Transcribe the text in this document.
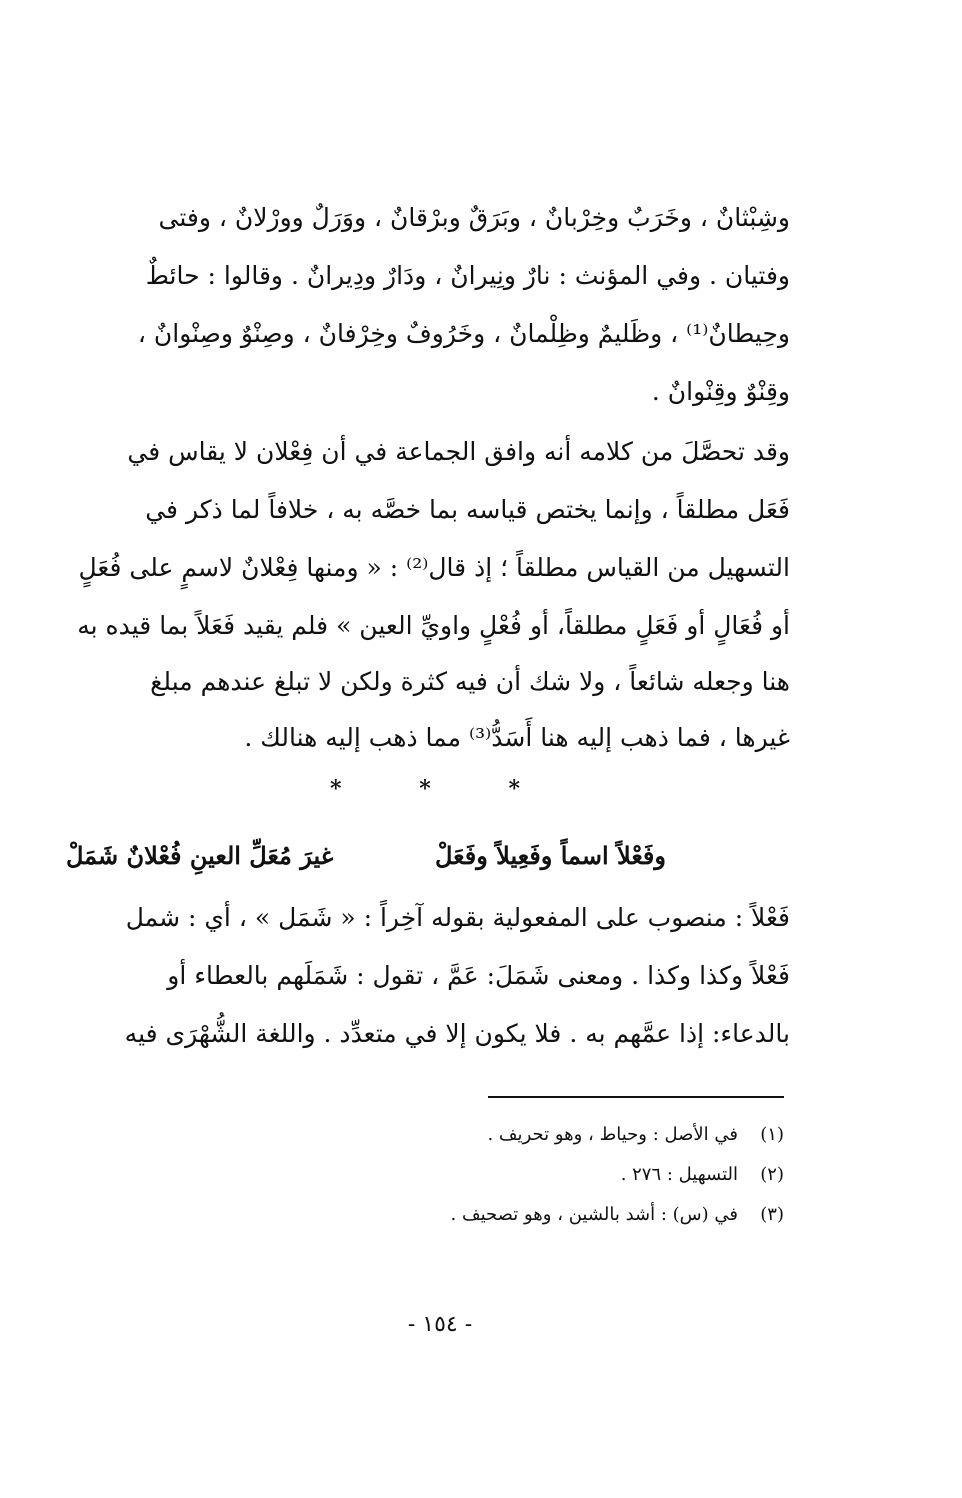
وشِبْثانٌ ، وخَرَبٌ وخِرْبانٌ ، وبَرَقٌ وبرْقانٌ ، ووَرَلٌ وورْلانٌ ، وفتى
وفتيان . وفي المؤنث : نارٌ ونِيرانٌ ، ودَارٌ ودِيرانٌ . وقالوا : حائطٌ
وحِيطانٌ⁽¹⁾ ، وظَليمٌ وظِلْمانٌ ، وخَرُوفٌ وخِرْفانٌ ، وصِنْوٌ وصِنْوانٌ ،
وقِنْوٌ وقِنْوانٌ .
وقد تحصَّلَ من كلامه أنه وافق الجماعة في أن فِعْلان لا يقاس في
فَعَل مطلقاً ، وإنما يختص قياسه بما خصَّه به ، خلافاً لما ذكر في
التسهيل من القياس مطلقاً ؛ إذ قال⁽²⁾ : « ومنها فِعْلانٌ لاسمٍ على فُعَلٍ
أو فُعَالٍ أو فَعَلٍ مطلقاً، أو فُعْلٍ واويِّ العين » فلم يقيد فَعَلاً بما قيده به
هنا وجعله شائعاً ، ولا شك أن فيه كثرة ولكن لا تبلغ عندهم مبلغ
غيرها ، فما ذهب إليه هنا أَسَدُّ⁽³⁾ مما ذهب إليه هنالك .
*	*	*
وفَعْلاً اسماً وفَعِيلاً وفَعَلْ
غيرَ مُعَلِّ العينِ فُعْلانٌ شَمَلْ
فَعْلاً : منصوب على المفعولية بقوله آخِراً : « شَمَل » ، أي : شمل
فَعْلاً وكذا وكذا . ومعنى شَمَلَ: عَمَّ ، تقول : شَمَلَهم بالعطاء أو
بالدعاء: إذا عمَّهم به . فلا يكون إلا في متعدِّد . واللغة الشُّهْرَى فيه
(١)في الأصل : وحياط ، وهو تحريف .
(٢)التسهيل : ٢٧٦ .
(٣)في (س) : أشد بالشين ، وهو تصحيف .
- ١٥٤ -
